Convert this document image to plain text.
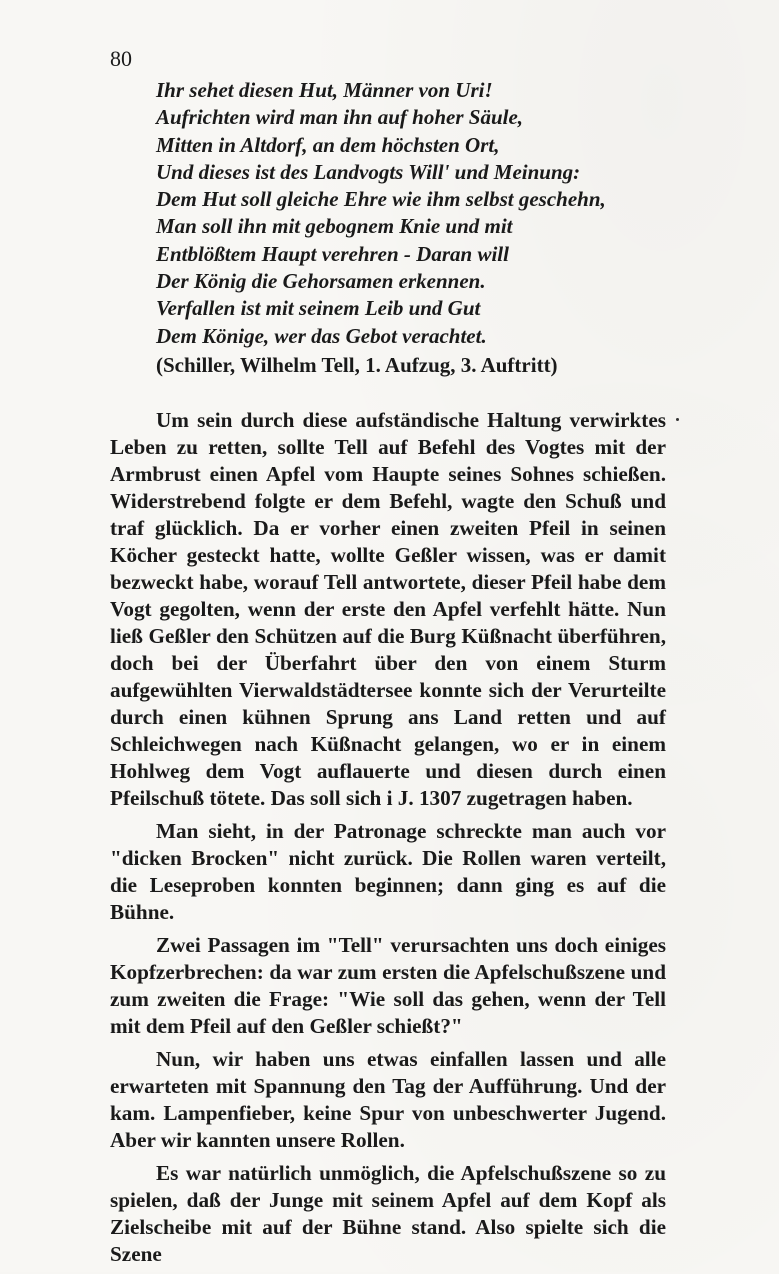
80

Ihr sehet diesen Hut, Männer von Uri!
Aufrichten wird man ihn auf hoher Säule,
Mitten in Altdorf, an dem höchsten Ort,
Und dieses ist des Landvogts Will' und Meinung:
Dem Hut soll gleiche Ehre wie ihm selbst geschehn,
Man soll ihn mit gebognem Knie und mit
Entblößtem Haupt verehren - Daran will
Der König die Gehorsamen erkennen.
Verfallen ist mit seinem Leib und Gut
Dem Könige, wer das Gebot verachtet.

(Schiller, Wilhelm Tell, 1. Aufzug, 3. Auftritt)

Um sein durch diese aufständische Haltung verwirktes Leben zu retten, sollte Tell auf Befehl des Vogtes mit der Armbrust einen Apfel vom Haupte seines Sohnes schießen. Widerstrebend folgte er dem Befehl, wagte den Schuß und traf glücklich. Da er vorher einen zweiten Pfeil in seinen Köcher gesteckt hatte, wollte Geßler wissen, was er damit bezweckt habe, worauf Tell antwortete, dieser Pfeil habe dem Vogt gegolten, wenn der erste den Apfel verfehlt hätte. Nun ließ Geßler den Schützen auf die Burg Küßnacht überführen, doch bei der Überfahrt über den von einem Sturm aufgewühlten Vierwaldstädtersee konnte sich der Verurteilte durch einen kühnen Sprung ans Land retten und auf Schleichwegen nach Küßnacht gelangen, wo er in einem Hohlweg dem Vogt auflauerte und diesen durch einen Pfeilschuß tötete. Das soll sich i J. 1307 zugetragen haben.

Man sieht, in der Patronage schreckte man auch vor "dicken Brocken" nicht zurück. Die Rollen waren verteilt, die Leseproben konnten beginnen; dann ging es auf die Bühne.

Zwei Passagen im "Tell" verursachten uns doch einiges Kopfzerbrechen: da war zum ersten die Apfelschußszene und zum zweiten die Frage: "Wie soll das gehen, wenn der Tell mit dem Pfeil auf den Geßler schießt?"

Nun, wir haben uns etwas einfallen lassen und alle erwarteten mit Spannung den Tag der Aufführung. Und der kam. Lampenfieber, keine Spur von unbeschwerter Jugend. Aber wir kannten unsere Rollen.

Es war natürlich unmöglich, die Apfelschußszene so zu spielen, daß der Junge mit seinem Apfel auf dem Kopf als Zielscheibe mit auf der Bühne stand. Also spielte sich die Szene
